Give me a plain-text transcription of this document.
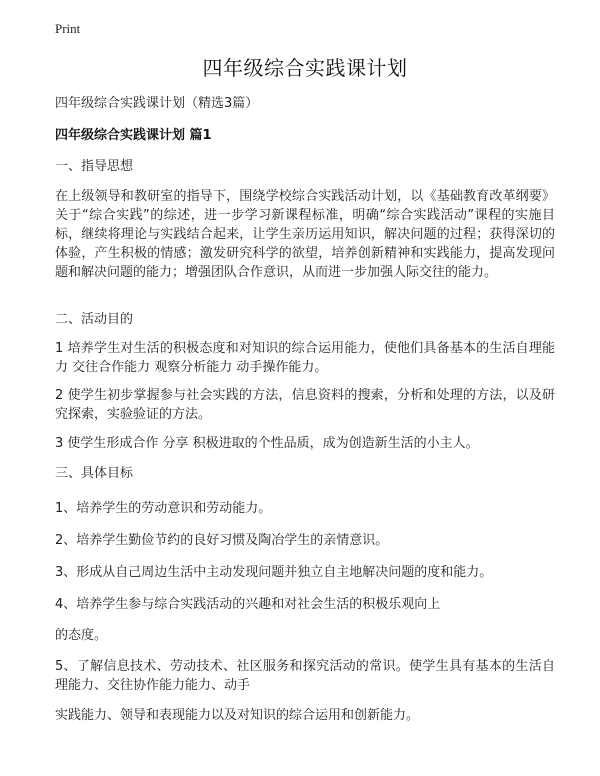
Print
四年级综合实践课计划

四年级综合实践课计划（精选3篇）

四年级综合实践课计划 篇1

一、指导思想

在上级领导和教研室的指导下，围绕学校综合实践活动计划，以《基础教育改革纲要》关于“综合实践”的综述，进一步学习新课程标准，明确“综合实践活动”课程的实施目标，继续将理论与实践结合起来，让学生亲历运用知识，解决问题的过程；获得深切的体验，产生积极的情感；激发研究科学的欲望，培养创新精神和实践能力，提高发现问题和解决问题的能力；增强团队合作意识，从而进一步加强人际交往的能力。

二、活动目的

1 培养学生对生活的积极态度和对知识的综合运用能力，使他们具备基本的生活自理能力 交往合作能力 观察分析能力 动手操作能力。

2 使学生初步掌握参与社会实践的方法，信息资料的搜索，分析和处理的方法，以及研究探索，实验验证的方法。

3 使学生形成合作 分享 积极进取的个性品质，成为创造新生活的小主人。

三、具体目标

1、培养学生的劳动意识和劳动能力。

2、培养学生勤俭节约的良好习惯及陶冶学生的亲情意识。

3、形成从自己周边生活中主动发现问题并独立自主地解决问题的度和能力。

4、培养学生参与综合实践活动的兴趣和对社会生活的积极乐观向上

的态度。

5、了解信息技术、劳动技术、社区服务和探究活动的常识。使学生具有基本的生活自理能力、交往协作能力能力、动手

实践能力、领导和表现能力以及对知识的综合运用和创新能力。
